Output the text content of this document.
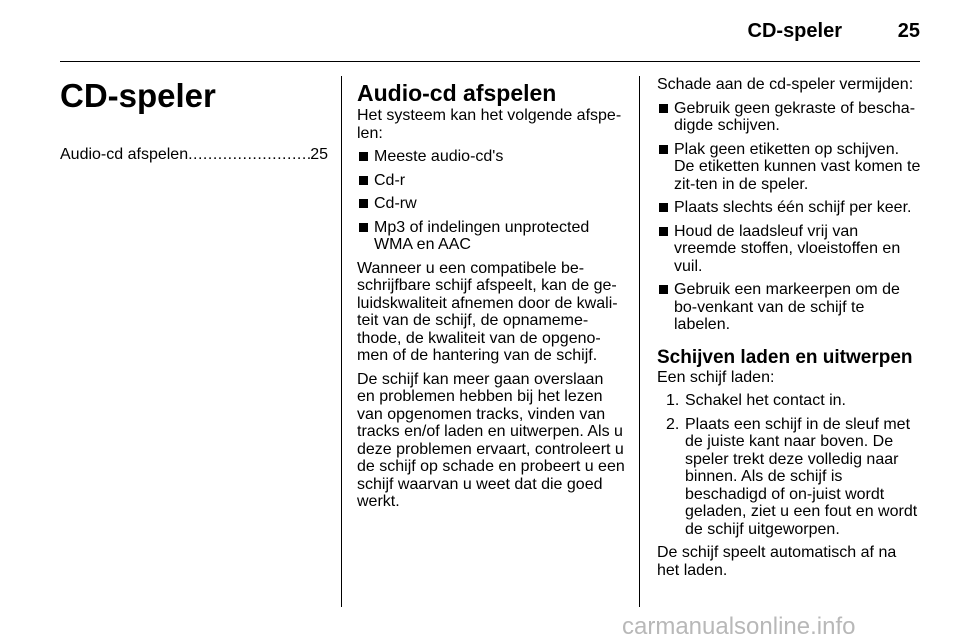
CD-speler	25
CD-speler
Audio-cd afspelen
.....	25
Audio-cd afspelen

Het systeem kan het volgende afspe-len:

Meeste audio-cd's
Cd-r
Cd-rw
Mp3 of indelingen unprotected WMA en AAC

Wanneer u een compatibele be-schrijfbare schijf afspeelt, kan de ge-luidskwaliteit afnemen door de kwali-teit van de schijf, de opnameme-thode, de kwaliteit van de opgeno-men of de hantering van de schijf.

De schijf kan meer gaan overslaan en problemen hebben bij het lezen van opgenomen tracks, vinden van tracks en/of laden en uitwerpen. Als u deze problemen ervaart, controleert u de schijf op schade en probeert u een schijf waarvan u weet dat die goed werkt.

Schade aan de cd-speler vermijden:

Gebruik geen gekraste of bescha-digde schijven.
Plak geen etiketten op schijven. De etiketten kunnen vast komen te zit-ten in de speler.
Plaats slechts één schijf per keer.
Houd de laadsleuf vrij van vreemde stoffen, vloeistoffen en vuil.
Gebruik een markeerpen om de bo-venkant van de schijf te labelen.
Schijven laden en uitwerpen

Een schijf laden:

1. Schakel het contact in.
2. Plaats een schijf in de sleuf met de juiste kant naar boven. De speler trekt deze volledig naar binnen. Als de schijf is beschadigd of on-juist wordt geladen, ziet u een fout en wordt de schijf uitgeworpen.

De schijf speelt automatisch af na het laden.

carmanualsonline.info
